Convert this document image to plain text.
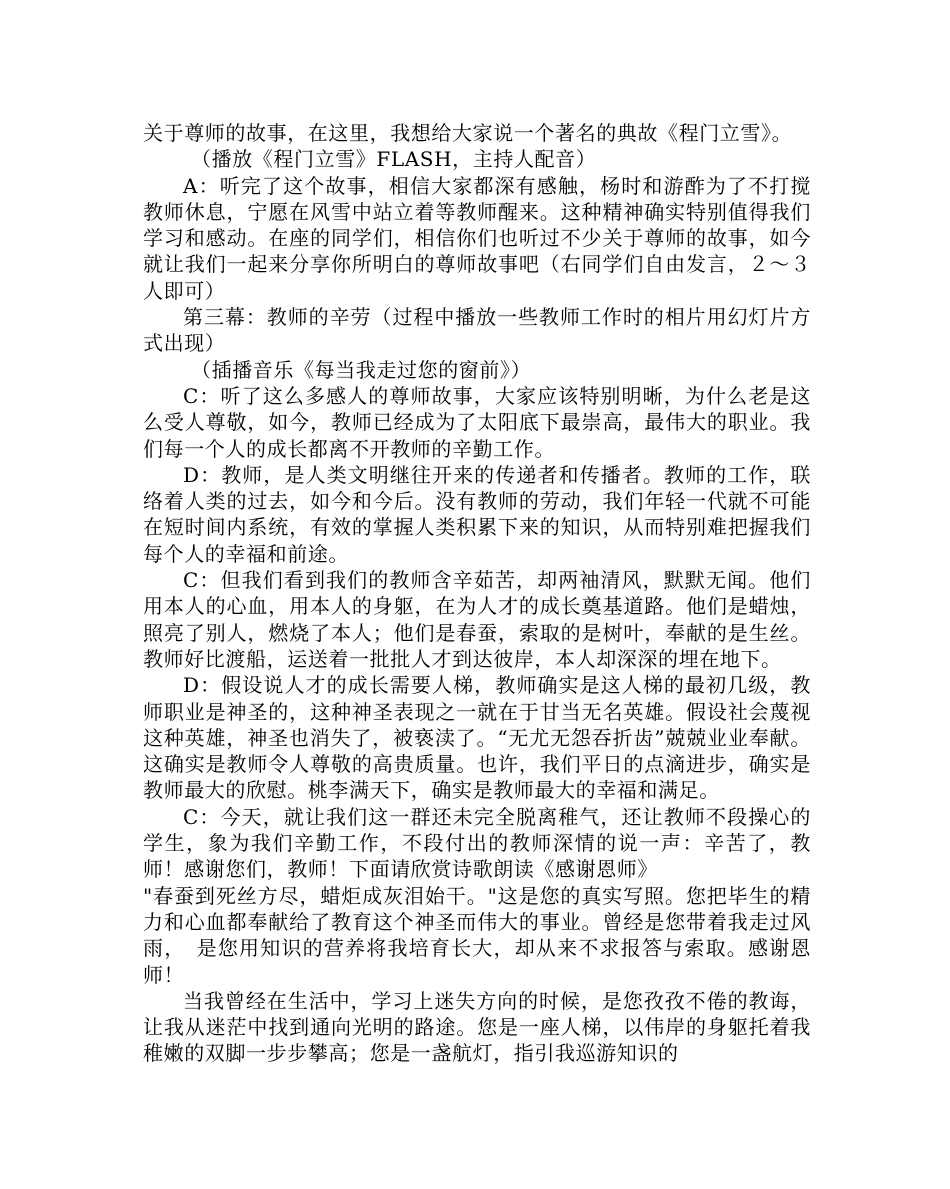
关于尊师的故事，在这里，我想给大家说一个著名的典故《程门立雪》。

（播放《程门立雪》FLASH，主持人配音）

A：听完了这个故事，相信大家都深有感触，杨时和游酢为了不打搅教师休息，宁愿在风雪中站立着等教师醒来。这种精神确实特别值得我们学习和感动。在座的同学们，相信你们也听过不少关于尊师的故事，如今就让我们一起来分享你所明白的尊师故事吧（右同学们自由发言，２～３人即可）

第三幕：教师的辛劳（过程中播放一些教师工作时的相片用幻灯片方式出现）

（插播音乐《每当我走过您的窗前》）

C：听了这么多感人的尊师故事，大家应该特别明晰，为什么老是这么受人尊敬，如今，教师已经成为了太阳底下最崇高，最伟大的职业。我们每一个人的成长都离不开教师的辛勤工作。

D：教师，是人类文明继往开来的传递者和传播者。教师的工作，联络着人类的过去，如今和今后。没有教师的劳动，我们年轻一代就不可能在短时间内系统，有效的掌握人类积累下来的知识，从而特别难把握我们每个人的幸福和前途。

C：但我们看到我们的教师含辛茹苦，却两袖清风，默默无闻。他们用本人的心血，用本人的身躯，在为人才的成长奠基道路。他们是蜡烛，照亮了别人，燃烧了本人；他们是春蚕，索取的是树叶，奉献的是生丝。教师好比渡船，运送着一批批人才到达彼岸，本人却深深的埋在地下。

D：假设说人才的成长需要人梯，教师确实是这人梯的最初几级，教师职业是神圣的，这种神圣表现之一就在于甘当无名英雄。假设社会蔑视这种英雄，神圣也消失了，被亵渎了。“无尤无怨吞折齿”兢兢业业奉献。这确实是教师令人尊敬的高贵质量。也许，我们平日的点滴进步，确实是教师最大的欣慰。桃李满天下，确实是教师最大的幸福和满足。

C：今天，就让我们这一群还未完全脱离稚气，还让教师不段操心的学生，象为我们辛勤工作，不段付出的教师深情的说一声：辛苦了，教师！感谢您们，教师！下面请欣赏诗歌朗读《感谢恩师》

"春蚕到死丝方尽，蜡炬成灰泪始干。"这是您的真实写照。您把毕生的精力和心血都奉献给了教育这个神圣而伟大的事业。曾经是您带着我走过风雨，　是您用知识的营养将我培育长大，却从来不求报答与索取。感谢恩师！

当我曾经在生活中，学习上迷失方向的时候，是您孜孜不倦的教诲，让我从迷茫中找到通向光明的路途。您是一座人梯，以伟岸的身躯托着我稚嫩的双脚一步步攀高；您是一盏航灯，指引我巡游知识的
